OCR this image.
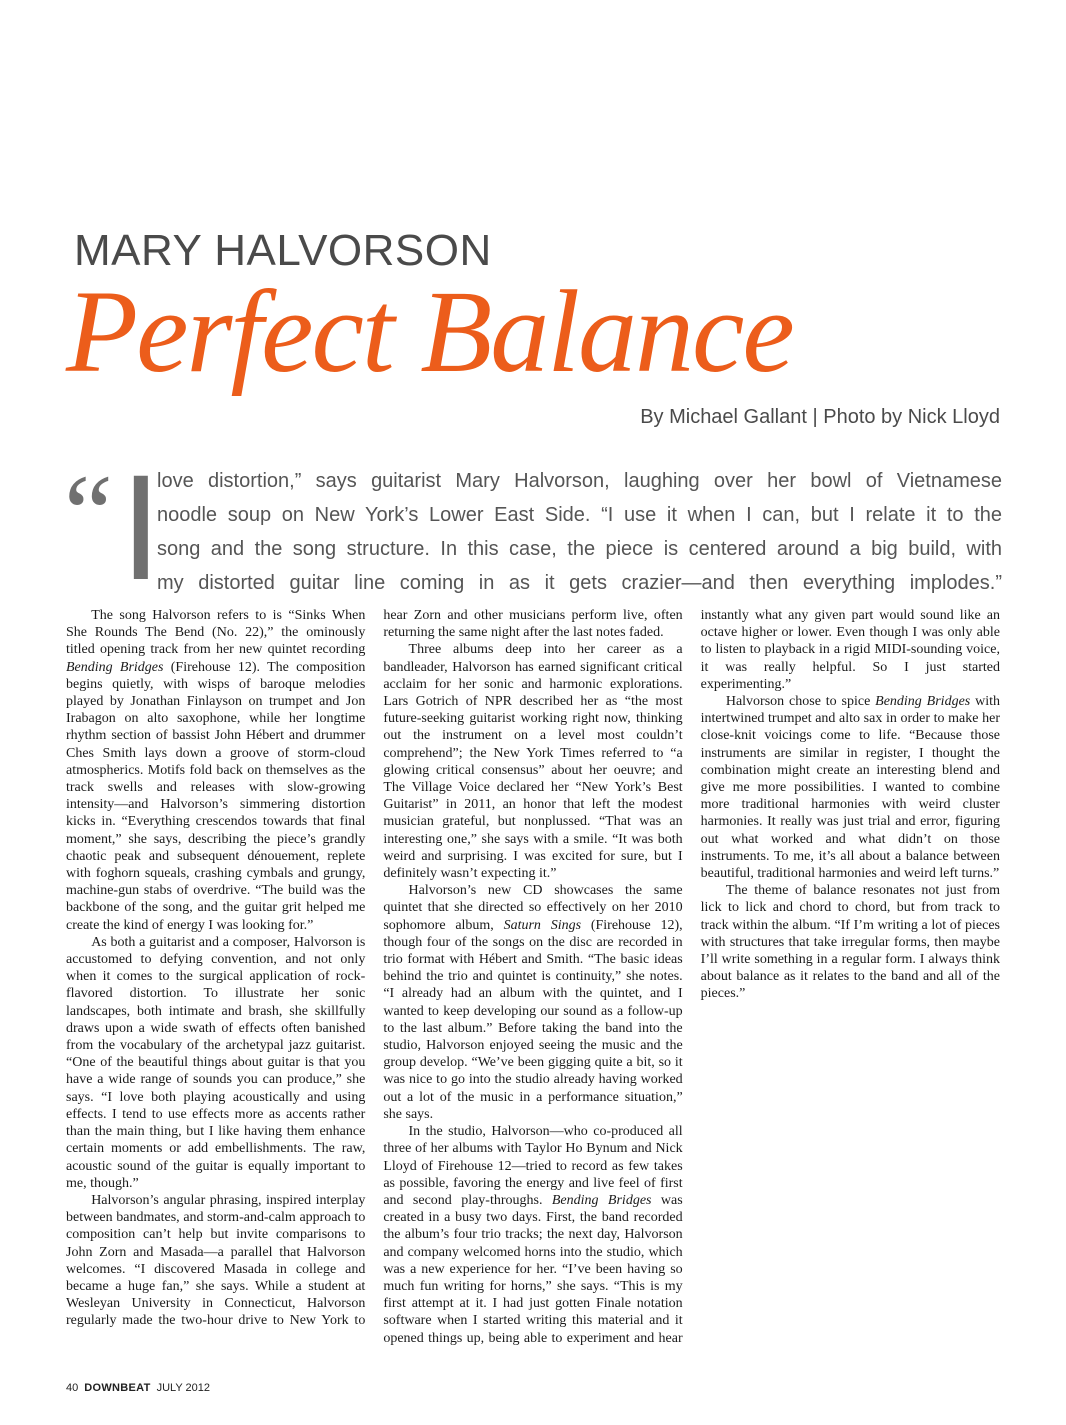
MARY HALVORSON
Perfect Balance
By Michael Gallant | Photo by Nick Lloyd
“ I
love distortion,” says guitarist Mary Halvorson, laughing over her bowl of Vietnamese
noodle soup on New York’s Lower East Side. “I use it when I can, but I relate it to the
song and the song structure. In this case, the piece is centered around a big build, with
my distorted guitar line coming in as it gets crazier—and then everything implodes.”

The song Halvorson refers to is “Sinks When She Rounds The Bend (No. 22),” the ominously titled opening track from her new quintet recording Bending Bridges (Firehouse 12). The composition begins quietly, with wisps of baroque melodies played by Jonathan Finlayson on trumpet and Jon Irabagon on alto saxophone, while her longtime rhythm section of bassist John Hébert and drummer Ches Smith lays down a groove of storm-cloud atmospherics. Motifs fold back on themselves as the track swells and releases with slow-growing intensity—and Halvorson’s simmering distortion kicks in. “Everything crescendos towards that final moment,” she says, describing the piece’s grandly chaotic peak and subsequent dénouement, replete with foghorn squeals, crashing cymbals and grungy, machine-gun stabs of overdrive. “The build was the backbone of the song, and the guitar grit helped me create the kind of energy I was looking for.”

As both a guitarist and a composer, Halvorson is accustomed to defying convention, and not only when it comes to the surgical application of rock-flavored distortion. To illustrate her sonic landscapes, both intimate and brash, she skillfully draws upon a wide swath of effects often banished from the vocabulary of the archetypal jazz guitarist. “One of the beautiful things about guitar is that you have a wide range of sounds you can produce,” she says. “I love both playing acoustically and using effects. I tend to use effects more as accents rather than the main thing, but I like having them enhance certain moments or add embellishments. The raw, acoustic sound of the guitar is equally important to me, though.”

Halvorson’s angular phrasing, inspired interplay between bandmates, and storm-and-calm approach to composition can’t help but invite comparisons to John Zorn and Masada—a parallel that Halvorson welcomes. “I discovered Masada in college and became a huge fan,” she says. While a student at Wesleyan University in Connecticut, Halvorson regularly made the two-hour drive to New York to hear Zorn and other musicians perform live, often returning the same night after the last notes faded.

Three albums deep into her career as a bandleader, Halvorson has earned significant critical acclaim for her sonic and harmonic explorations. Lars Gotrich of NPR described her as “the most future-seeking guitarist working right now, thinking out the instrument on a level most couldn’t comprehend”; the New York Times referred to “a glowing critical consensus” about her oeuvre; and The Village Voice declared her “New York’s Best Guitarist” in 2011, an honor that left the modest musician grateful, but nonplussed. “That was an interesting one,” she says with a smile. “It was both weird and surprising. I was excited for sure, but I definitely wasn’t expecting it.”

Halvorson’s new CD showcases the same quintet that she directed so effectively on her 2010 sophomore album, Saturn Sings (Firehouse 12), though four of the songs on the disc are recorded in trio format with Hébert and Smith. “The basic ideas behind the trio and quintet is continuity,” she notes. “I already had an album with the quintet, and I wanted to keep developing our sound as a follow-up to the last album.” Before taking the band into the studio, Halvorson enjoyed seeing the music and the group develop. “We’ve been gigging quite a bit, so it was nice to go into the studio already having worked out a lot of the music in a performance situation,” she says.

In the studio, Halvorson—who co-produced all three of her albums with Taylor Ho Bynum and Nick Lloyd of Firehouse 12—tried to record as few takes as possible, favoring the energy and live feel of first and second play-throughs. Bending Bridges was created in a busy two days. First, the band recorded the album’s four trio tracks; the next day, Halvorson and company welcomed horns into the studio, which was a new experience for her. “I’ve been having so much fun writing for horns,” she says. “This is my first attempt at it. I had just gotten Finale notation software when I started writing this material and it opened things up, being able to experiment and hear instantly what any given part would sound like an octave higher or lower. Even though I was only able to listen to playback in a rigid MIDI-sounding voice, it was really helpful. So I just started experimenting.”

Halvorson chose to spice Bending Bridges with intertwined trumpet and alto sax in order to make her close-knit voicings come to life. “Because those instruments are similar in register, I thought the combination might create an interesting blend and give me more possibilities. I wanted to combine more traditional harmonies with weird cluster harmonies. It really was just trial and error, figuring out what worked and what didn’t on those instruments. To me, it’s all about a balance between beautiful, traditional harmonies and weird left turns.”

The theme of balance resonates not just from lick to lick and chord to chord, but from track to track within the album. “If I’m writing a lot of pieces with structures that take irregular forms, then maybe I’ll write something in a regular form. I always think about balance as it relates to the band and all of the pieces.”

40 DOWNBEAT JULY 2012
